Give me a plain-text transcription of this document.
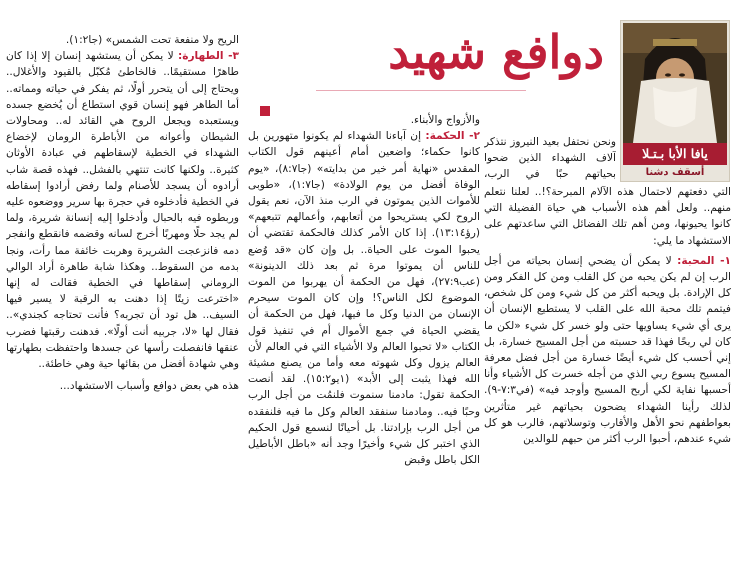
دوافع شهيد
يافا الأبا بـتـلا
أسقف دشنا

ونحن نحتفل بعيد النيروز نتذكر آلاف الشهداء الذين ضحوا بحياتهم حبًا في الرب،

التي دفعتهم لاحتمال هذه الآلام المبرحة؟!.. لعلنا نتعلم منهم.. ولعل أهم هذه الأسباب هي حياة الفضيلة التي كانوا يحيونها، ومن أهم تلك الفضائل التي ساعدتهم على الاستشهاد ما يلي:

١- المحبة: لا يمكن أن يضحي إنسان بحياته من أجل الرب إن لم يكن يحبه من كل القلب ومن كل الفكر ومن كل الإرادة. بل ويحبه أكثر من كل شيء ومن كل شخص، فيتمم تلك محبة الله على القلب لا يستطيع الإنسان أن يرى أي شيء يساويها حتى ولو خسر كل شيء «لكن ما كان لي ربحًا فهذا قد حسبته من أجل المسيح خسارة، بل إني أحسب كل شيء أيضًا خسارة من أجل فضل معرفة المسيح يسوع ربي الذي من أجله خسرت كل الأشياء وأنا أحسبها نفاية لكي أربح المسيح وأوجد فيه» (في٧:٣-٩). لذلك رأينا الشهداء يضحون بحياتهم غير متأثرين بعواطفهم نحو الأهل والأقارب وتوسلاتهم، فالرب هو كل شيء عندهم، أحبوا الرب أكثر من حبهم للوالدين

والأزواج والأبناء.

٢- الحكمة: إن آباءنا الشهداء لم يكونوا متهورين بل كانوا حكماء؛ واضعين أمام أعينهم قول الكتاب المقدس «نهاية أمر خير من بدايته» (جا٨:٧)، «يوم الوفاة أفضل من يوم الولادة» (جا١:٧)، «طوبى للأموات الذين يموتون في الرب منذ الآن، نعم يقول الروح لكي يستريحوا من أتعابهم، وأعمالهم تتبعهم» (رؤ١٣:١٤). إذا كان الأمر كذلك فالحكمة تقتضي أن يحبوا الموت على الحياة.. بل وإن كان «قد وُضع للناس أن يموتوا مرة ثم بعد ذلك الدينونة» (عب٢٧:٩)، فهل من الحكمة أن يهربوا من الموت الموضوع لكل الناس؟! وإن كان الموت سيحرم الإنسان من الدنيا وكل ما فيها، فهل من الحكمة أن يقضي الحياة في جمع الأموال أم في تنفيذ قول الكتاب «لا تحبوا العالم ولا الأشياء التي في العالم لأن العالم يزول وكل شهوته معه وأما من يصنع مشيئة الله فهذا يثبت إلى الأبد» (١يو١٥:٢). لقد أنصت الحكمة تقول: مادمنا سنموت فلنمُت من أجل الرب وحبًا فيه.. ومادمنا سنفقد العالم وكل ما فيه فلنفقده من أجل الرب بإرادتنا. بل أحيانًا لنسمع قول الحكيم الذي اختبر كل شيء وأخيرًا وجد أنه «باطل الأباطيل الكل باطل وقبض

الريح ولا منفعة تحت الشمس» (جا١:٢).

٣- الطهارة: لا يمكن أن يستشهد إنسان إلا إذا كان طاهرًا مستقيمًا.. فالخاطئ مُكبّل بالقيود والأغلال.. ويحتاج إلى أن يتحرر أولًا، ثم يفكر في حياته ومماته.. أما الطاهر فهو إنسان قوي استطاع أن يُخضع جسده ويستعبده ويجعل الروح هي القائد له.. ومحاولات الشيطان وأعوانه من الأباطرة الرومان لإخضاع الشهداء في الخطية لإسقاطهم في عبادة الأوثان كثيرة.. ولكنها كانت تنتهي بالفشل.. فهذه قصة شاب أرادوه أن يسجد للأصنام ولما رفض أرادوا إسقاطه في الخطية فأدخلوه في حجرة بها سرير ووضعوه عليه وربطوه فيه بالحبال وأدخلوا إليه إنسانة شريرة، ولما لم يجد حلًا ومهربًا أخرج لسانه وقضمه فانقطع وانفجر دمه فانزعجت الشريرة وهربت خائفة مما رأت، ونجا بدمه من السقوط.. وهكذا شابة طاهرة أراد الوالي الروماني إسقاطها في الخطية فقالت له إنها «اخترعت زيتًا إذا دهنت به الرقبة لا يسير فيها السيف.. هل تود أن تجربه؟ فأنت تحتاجه كجندي».. فقال لها «لا، جربيه أنت أولًا». فدهنت رقبتها فضرب عنقها فانفصلت رأسها عن جسدها واحتفظت بطهارتها وهي شهادة أفضل من بقائها حية وهي خاطئة..

هذه هي بعض دوافع وأسباب الاستشهاد...
